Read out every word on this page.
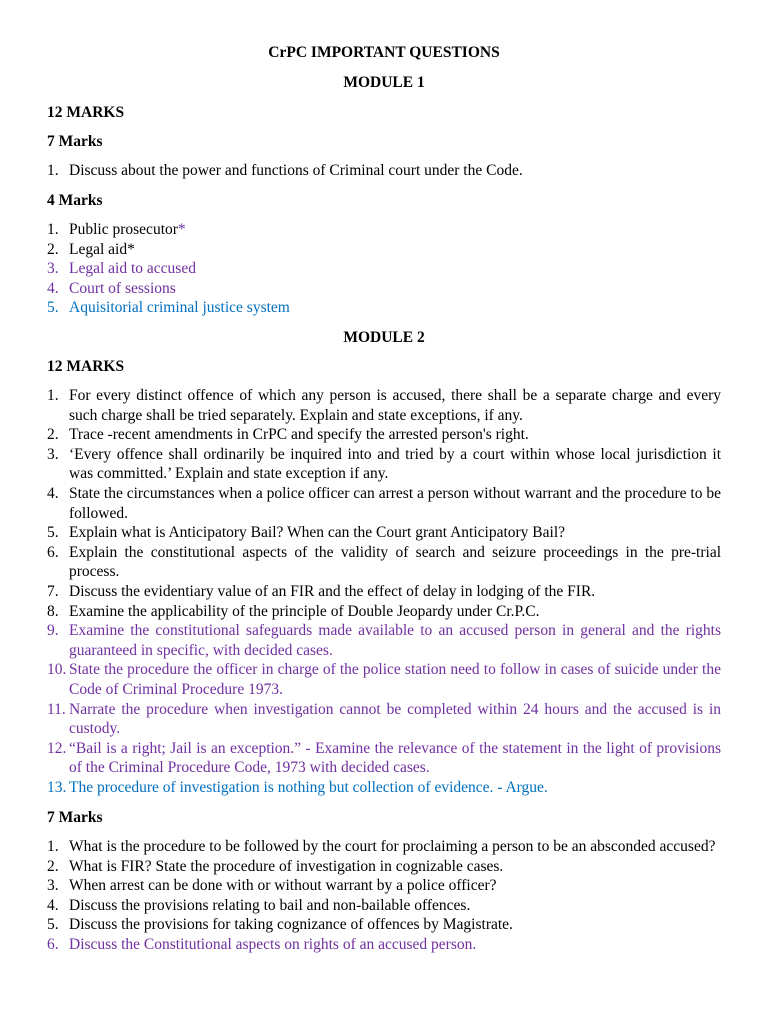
CrPC IMPORTANT QUESTIONS
MODULE 1
12 MARKS
7 Marks
1. Discuss about the power and functions of Criminal court under the Code.
4 Marks
1. Public prosecutor*
2. Legal aid*
3. Legal aid to accused
4. Court of sessions
5. Aquisitorial criminal justice system
MODULE 2
12 MARKS
1. For every distinct offence of which any person is accused, there shall be a separate charge and every such charge shall be tried separately. Explain and state exceptions, if any.
2. Trace -recent amendments in CrPC and specify the arrested person's right.
3. ‘Every offence shall ordinarily be inquired into and tried by a court within whose local jurisdiction it was committed.’ Explain and state exception if any.
4. State the circumstances when a police officer can arrest a person without warrant and the procedure to be followed.
5. Explain what is Anticipatory Bail? When can the Court grant Anticipatory Bail?
6. Explain the constitutional aspects of the validity of search and seizure proceedings in the pre-trial process.
7. Discuss the evidentiary value of an FIR and the effect of delay in lodging of the FIR.
8. Examine the applicability of the principle of Double Jeopardy under Cr.P.C.
9. Examine the constitutional safeguards made available to an accused person in general and the rights guaranteed in specific, with decided cases.
10. State the procedure the officer in charge of the police station need to follow in cases of suicide under the Code of Criminal Procedure 1973.
11. Narrate the procedure when investigation cannot be completed within 24 hours and the accused is in custody.
12. “Bail is a right; Jail is an exception.” - Examine the relevance of the statement in the light of provisions of the Criminal Procedure Code, 1973 with decided cases.
13. The procedure of investigation is nothing but collection of evidence. - Argue.
7 Marks
1. What is the procedure to be followed by the court for proclaiming a person to be an absconded accused?
2. What is FIR? State the procedure of investigation in cognizable cases.
3. When arrest can be done with or without warrant by a police officer?
4. Discuss the provisions relating to bail and non-bailable offences.
5. Discuss the provisions for taking cognizance of offences by Magistrate.
6. Discuss the Constitutional aspects on rights of an accused person.
